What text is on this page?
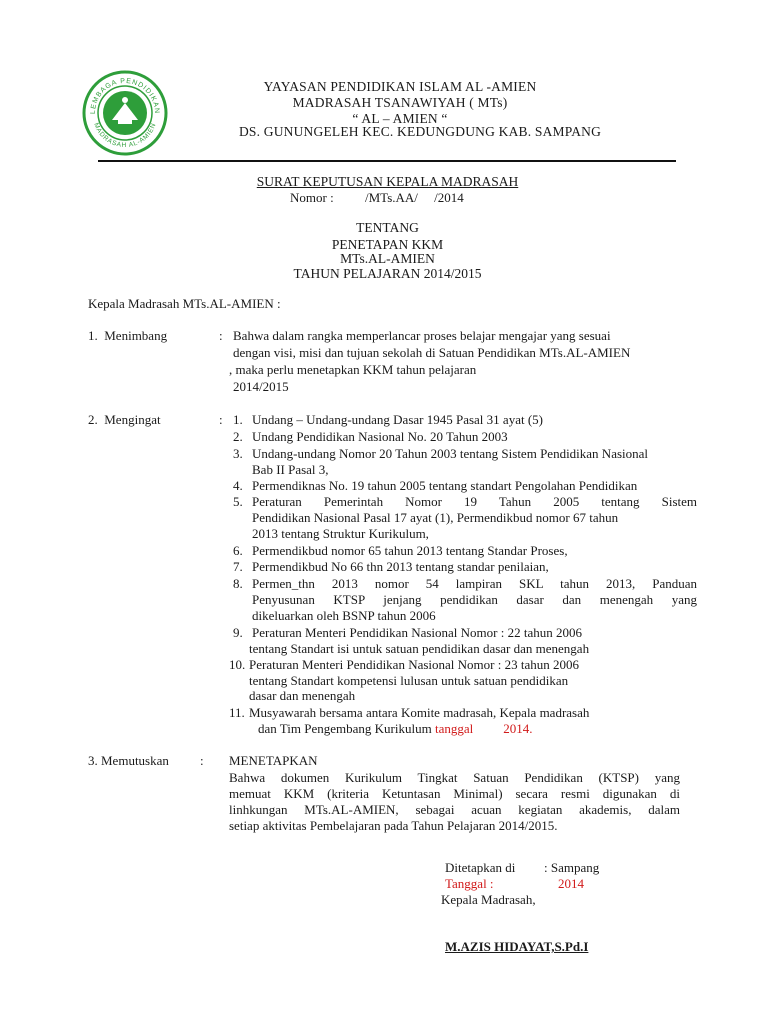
LEMBAGA PENDIDIKAN
MADRASAH AL-AMIEN
YAYASAN PENDIDIKAN ISLAM AL -AMIEN
MADRASAH TSANAWIYAH ( MTs)
“ AL – AMIEN “
DS. GUNUNGELEH KEC. KEDUNGDUNG KAB. SAMPANG
SURAT KEPUTUSAN KEPALA MADRASAH
Nomor : /MTs.AA/     /2014
TENTANG
PENETAPAN KKM
MTs.AL-AMIEN
TAHUN PELAJARAN 2014/2015
Kepala Madrasah MTs.AL-AMIEN :
1.  Menimbang	: Bahwa dalam rangka memperlancar proses belajar mengajar yang sesuai
dengan visi, misi dan tujuan sekolah di Satuan Pendidikan MTs.AL-AMIEN
, maka perlu menetapkan KKM tahun pelajaran
2014/2015
2.  Mengingat	: 1. Undang – Undang-undang Dasar 1945 Pasal 31 ayat (5)
2. Undang Pendidikan Nasional No. 20 Tahun 2003
3. Undang-undang Nomor 20 Tahun 2003 tentang Sistem Pendidikan Nasional
Bab II Pasal 3,
4. Permendiknas No. 19 tahun 2005 tentang standart Pengolahan Pendidikan
5. Peraturan Pemerintah Nomor 19 Tahun 2005 tentang Sistem
Pendidikan Nasional Pasal 17 ayat (1), Permendikbud nomor 67 tahun
2013 tentang Struktur Kurikulum,
6. Permendikbud nomor 65 tahun 2013 tentang Standar Proses,
7. Permendikbud No 66 thn 2013 tentang standar penilaian,
8. Permen_thn 2013 nomor 54 lampiran SKL tahun 2013, Panduan
Penyusunan KTSP jenjang pendidikan dasar dan menengah yang
dikeluarkan oleh BSNP tahun 2006
9. Peraturan Menteri Pendidikan Nasional Nomor : 22 tahun 2006
tentang Standart isi untuk satuan pendidikan dasar dan menengah
10. Peraturan Menteri Pendidikan Nasional Nomor : 23 tahun 2006
tentang Standart kompetensi lulusan untuk satuan pendidikan
dasar dan menengah
11. Musyawarah bersama antara Komite madrasah, Kepala madrasah
dan Tim Pengembang Kurikulum tanggal 2014.
3. Memutuskan : MENETAPKAN
Bahwa dokumen Kurikulum Tingkat Satuan Pendidikan (KTSP) yang
memuat KKM (kriteria Ketuntasan Minimal) secara resmi digunakan di
linhkungan MTs.AL-AMIEN, sebagai acuan kegiatan akademis, dalam
setiap aktivitas Pembelajaran pada Tahun Pelajaran 2014/2015.
Ditetapkan di : Sampang
Tanggal :	2014
Kepala Madrasah,
M.AZIS HIDAYAT,S.Pd.I
